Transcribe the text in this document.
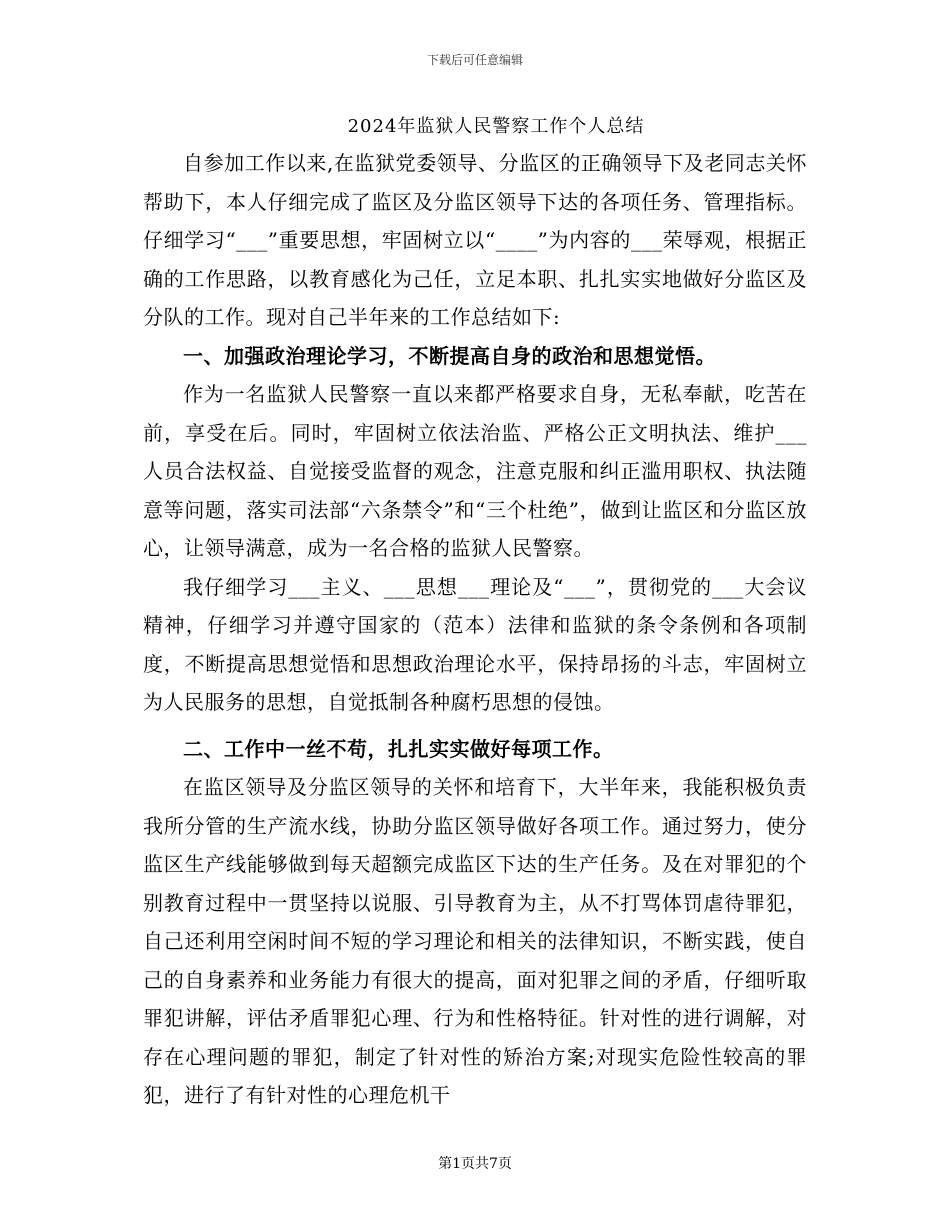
下载后可任意编辑
2024年监狱人民警察工作个人总结

自参加工作以来,在监狱党委领导、分监区的正确领导下及老同志关怀帮助下，本人仔细完成了监区及分监区领导下达的各项任务、管理指标。仔细学习“___”重要思想，牢固树立以“____”为内容的___荣辱观，根据正确的工作思路，以教育感化为己任，立足本职、扎扎实实地做好分监区及分队的工作。现对自己半年来的工作总结如下:

一、加强政治理论学习，不断提高自身的政治和思想觉悟。

作为一名监狱人民警察一直以来都严格要求自身，无私奉献，吃苦在前，享受在后。同时，牢固树立依法治监、严格公正文明执法、维护___人员合法权益、自觉接受监督的观念，注意克服和纠正滥用职权、执法随意等问题，落实司法部“六条禁令”和“三个杜绝”，做到让监区和分监区放心，让领导满意，成为一名合格的监狱人民警察。

我仔细学习___主义、___思想___理论及“___”，贯彻党的___大会议精神，仔细学习并遵守国家的（范本）法律和监狱的条令条例和各项制度，不断提高思想觉悟和思想政治理论水平，保持昂扬的斗志，牢固树立为人民服务的思想，自觉抵制各种腐朽思想的侵蚀。

二、工作中一丝不苟，扎扎实实做好每项工作。

在监区领导及分监区领导的关怀和培育下，大半年来，我能积极负责我所分管的生产流水线，协助分监区领导做好各项工作。通过努力，使分监区生产线能够做到每天超额完成监区下达的生产任务。及在对罪犯的个别教育过程中一贯坚持以说服、引导教育为主，从不打骂体罚虐待罪犯，自己还利用空闲时间不短的学习理论和相关的法律知识，不断实践，使自己的自身素养和业务能力有很大的提高，面对犯罪之间的矛盾，仔细听取罪犯讲解，评估矛盾罪犯心理、行为和性格特征。针对性的进行调解，对存在心理问题的罪犯，制定了针对性的矫治方案;对现实危险性较高的罪犯，进行了有针对性的心理危机干

第1页共7页
